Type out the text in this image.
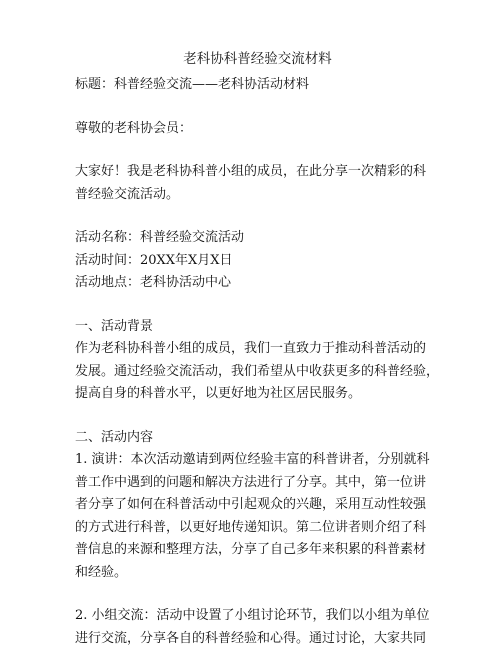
老科协科普经验交流材料

标题：科普经验交流——老科协活动材料

尊敬的老科协会员：

大家好！我是老科协科普小组的成员，在此分享一次精彩的科

普经验交流活动。

活动名称：科普经验交流活动

活动时间：20XX年X月X日

活动地点：老科协活动中心

一、活动背景

作为老科协科普小组的成员，我们一直致力于推动科普活动的

发展。通过经验交流活动，我们希望从中收获更多的科普经验，

提高自身的科普水平，以更好地为社区居民服务。

二、活动内容

1. 演讲：本次活动邀请到两位经验丰富的科普讲者，分别就科

普工作中遇到的问题和解决方法进行了分享。其中，第一位讲

者分享了如何在科普活动中引起观众的兴趣，采用互动性较强

的方式进行科普，以更好地传递知识。第二位讲者则介绍了科

普信息的来源和整理方法，分享了自己多年来积累的科普素材

和经验。

2. 小组交流：活动中设置了小组讨论环节，我们以小组为单位

进行交流，分享各自的科普经验和心得。通过讨论，大家共同
